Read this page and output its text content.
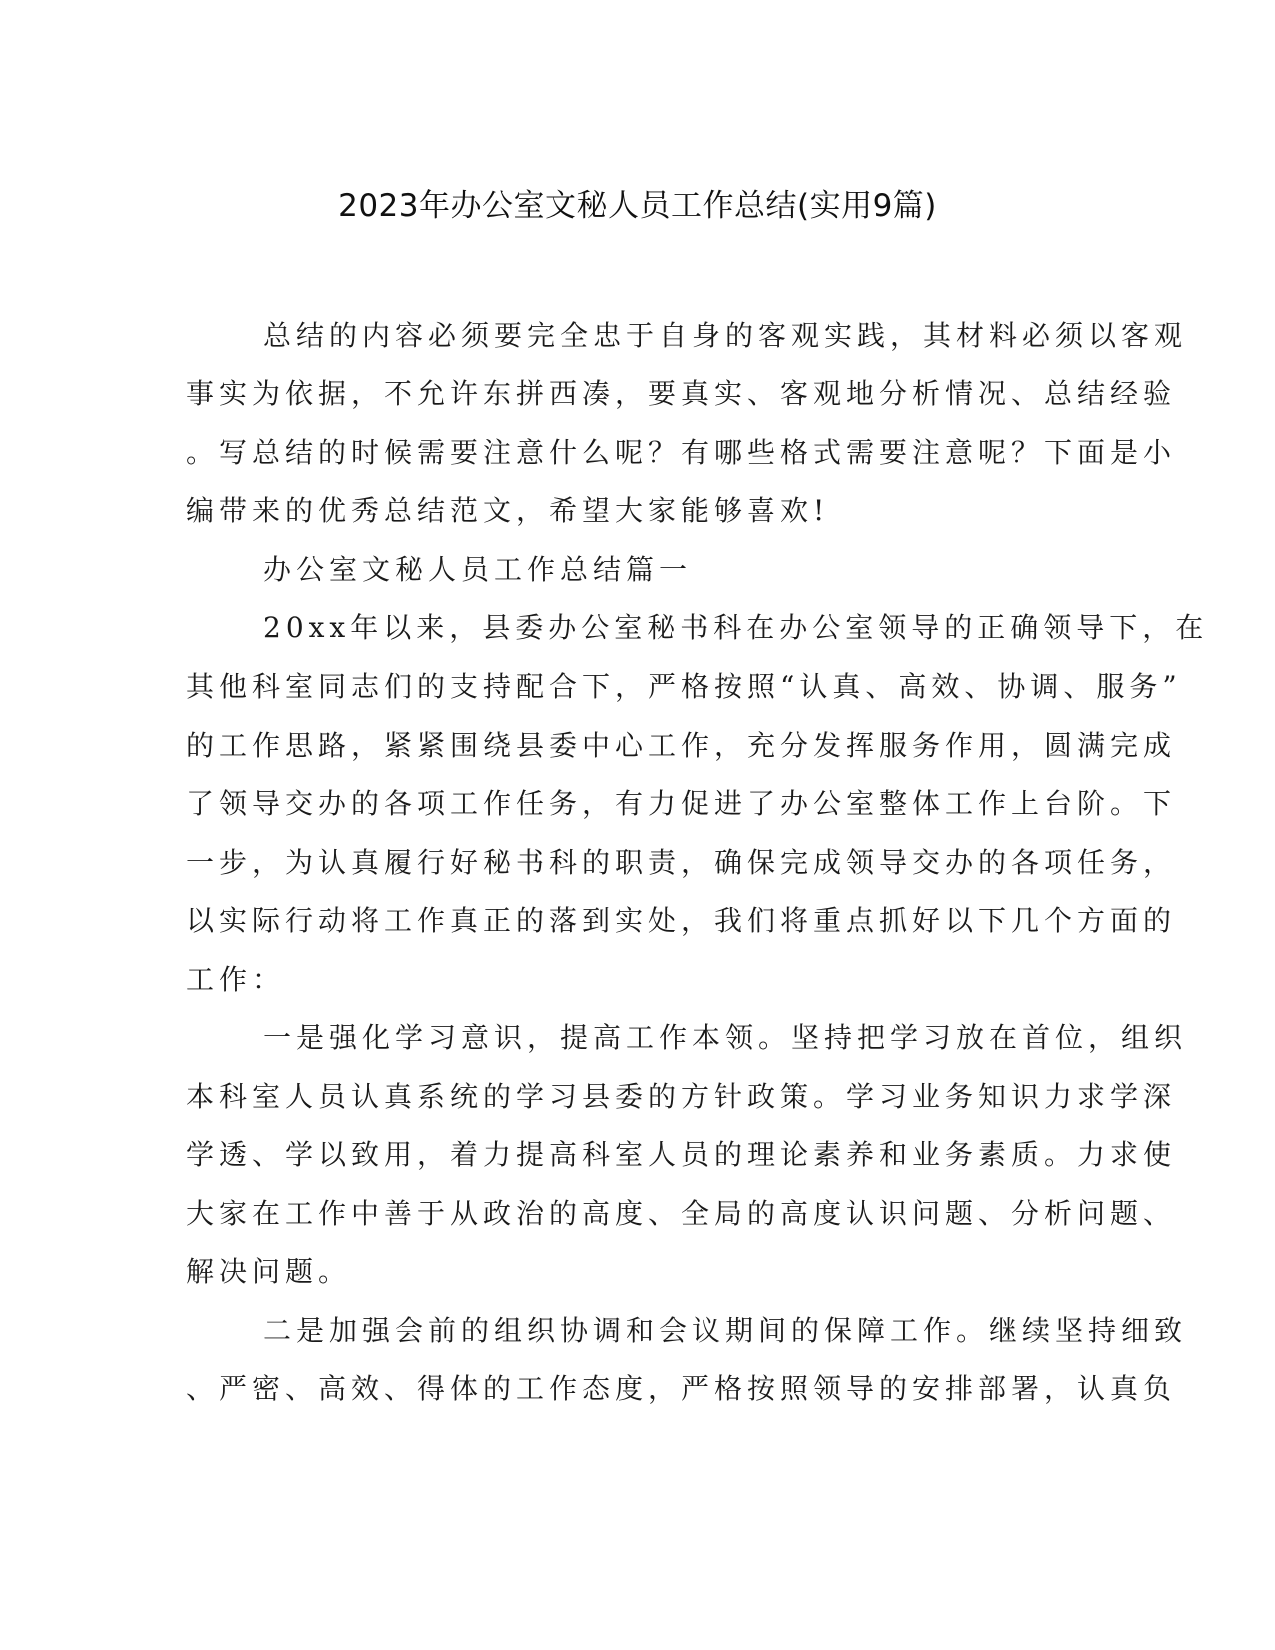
2023年办公室文秘人员工作总结(实用9篇)
总结的内容必须要完全忠于自身的客观实践，其材料必须以客观
事实为依据，不允许东拼西凑，要真实、客观地分析情况、总结经验
。写总结的时候需要注意什么呢？有哪些格式需要注意呢？下面是小
编带来的优秀总结范文，希望大家能够喜欢!
办公室文秘人员工作总结篇一
20xx年以来，县委办公室秘书科在办公室领导的正确领导下，在
其他科室同志们的支持配合下，严格按照“认真、高效、协调、服务”
的工作思路，紧紧围绕县委中心工作，充分发挥服务作用，圆满完成
了领导交办的各项工作任务，有力促进了办公室整体工作上台阶。下
一步，为认真履行好秘书科的职责，确保完成领导交办的各项任务，
以实际行动将工作真正的落到实处，我们将重点抓好以下几个方面的
工作：
一是强化学习意识，提高工作本领。坚持把学习放在首位，组织
本科室人员认真系统的学习县委的方针政策。学习业务知识力求学深
学透、学以致用，着力提高科室人员的理论素养和业务素质。力求使
大家在工作中善于从政治的高度、全局的高度认识问题、分析问题、
解决问题。
二是加强会前的组织协调和会议期间的保障工作。继续坚持细致
、严密、高效、得体的工作态度，严格按照领导的安排部署，认真负
